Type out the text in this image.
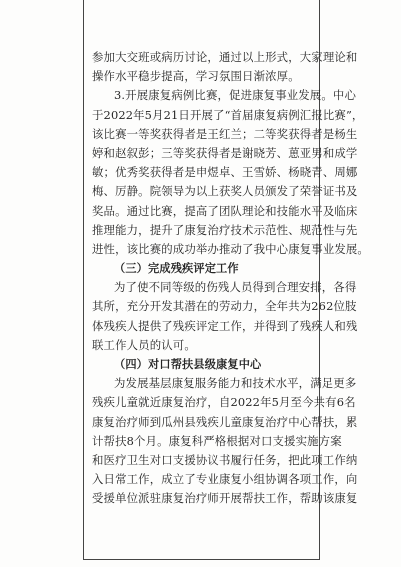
参加大交班或病历讨论，通过以上形式，大家理论和
操作水平稳步提高，学习氛围日渐浓厚。
3.开展康复病例比赛，促进康复事业发展。中心
于2022年5月21日开展了“首届康复病例汇报比赛”，
该比赛一等奖获得者是王红兰；二等奖获得者是杨生
婷和赵叙彭；三等奖获得者是谢晓芳、葸亚男和成学
敏；优秀奖获得者是申煜卓、王雪娇、杨晓青、周娜
梅、厉静。院领导为以上获奖人员颁发了荣誉证书及
奖品。通过比赛，提高了团队理论和技能水平及临床
推理能力，提升了康复治疗技术示范性、规范性与先
进性，该比赛的成功举办推动了我中心康复事业发展。
（三）完成残疾评定工作
为了使不同等级的伤残人员得到合理安排，各得
其所，充分开发其潜在的劳动力，全年共为262位肢
体残疾人提供了残疾评定工作，并得到了残疾人和残
联工作人员的认可。
（四）对口帮扶县级康复中心
为发展基层康复服务能力和技术水平，满足更多
残疾儿童就近康复治疗，自2022年5月至今共有6名
康复治疗师到瓜州县残疾儿童康复治疗中心帮扶，累
计帮扶8个月。康复科严格根据对口支援实施方案
和医疗卫生对口支援协议书履行任务，把此项工作纳
入日常工作，成立了专业康复小组协调各项工作，向
受援单位派驻康复治疗师开展帮扶工作，帮助该康复
